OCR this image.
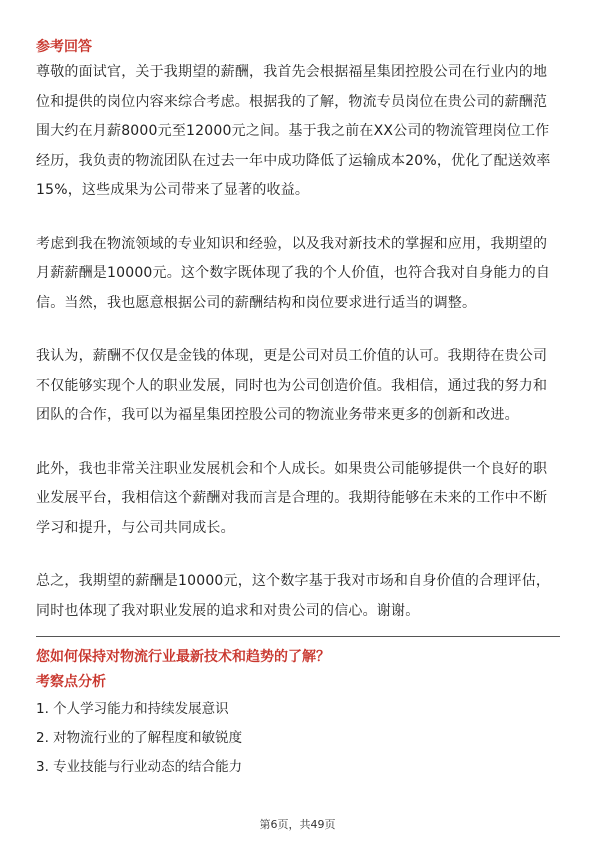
参考回答

尊敬的面试官，关于我期望的薪酬，我首先会根据福星集团控股公司在行业内的地位和提供的岗位内容来综合考虑。根据我的了解，物流专员岗位在贵公司的薪酬范围大约在月薪8000元至12000元之间。基于我之前在XX公司的物流管理岗位工作经历，我负责的物流团队在过去一年中成功降低了运输成本20%，优化了配送效率15%，这些成果为公司带来了显著的收益。

考虑到我在物流领域的专业知识和经验，以及我对新技术的掌握和应用，我期望的月薪薪酬是10000元。这个数字既体现了我的个人价值，也符合我对自身能力的自信。当然，我也愿意根据公司的薪酬结构和岗位要求进行适当的调整。

我认为，薪酬不仅仅是金钱的体现，更是公司对员工价值的认可。我期待在贵公司不仅能够实现个人的职业发展，同时也为公司创造价值。我相信，通过我的努力和团队的合作，我可以为福星集团控股公司的物流业务带来更多的创新和改进。

此外，我也非常关注职业发展机会和个人成长。如果贵公司能够提供一个良好的职业发展平台，我相信这个薪酬对我而言是合理的。我期待能够在未来的工作中不断学习和提升，与公司共同成长。

总之，我期望的薪酬是10000元，这个数字基于我对市场和自身价值的合理评估，同时也体现了我对职业发展的追求和对贵公司的信心。谢谢。

您如何保持对物流行业最新技术和趋势的了解？

考察点分析

1. 个人学习能力和持续发展意识

2. 对物流行业的了解程度和敏锐度

3. 专业技能与行业动态的结合能力

第6页，共49页
